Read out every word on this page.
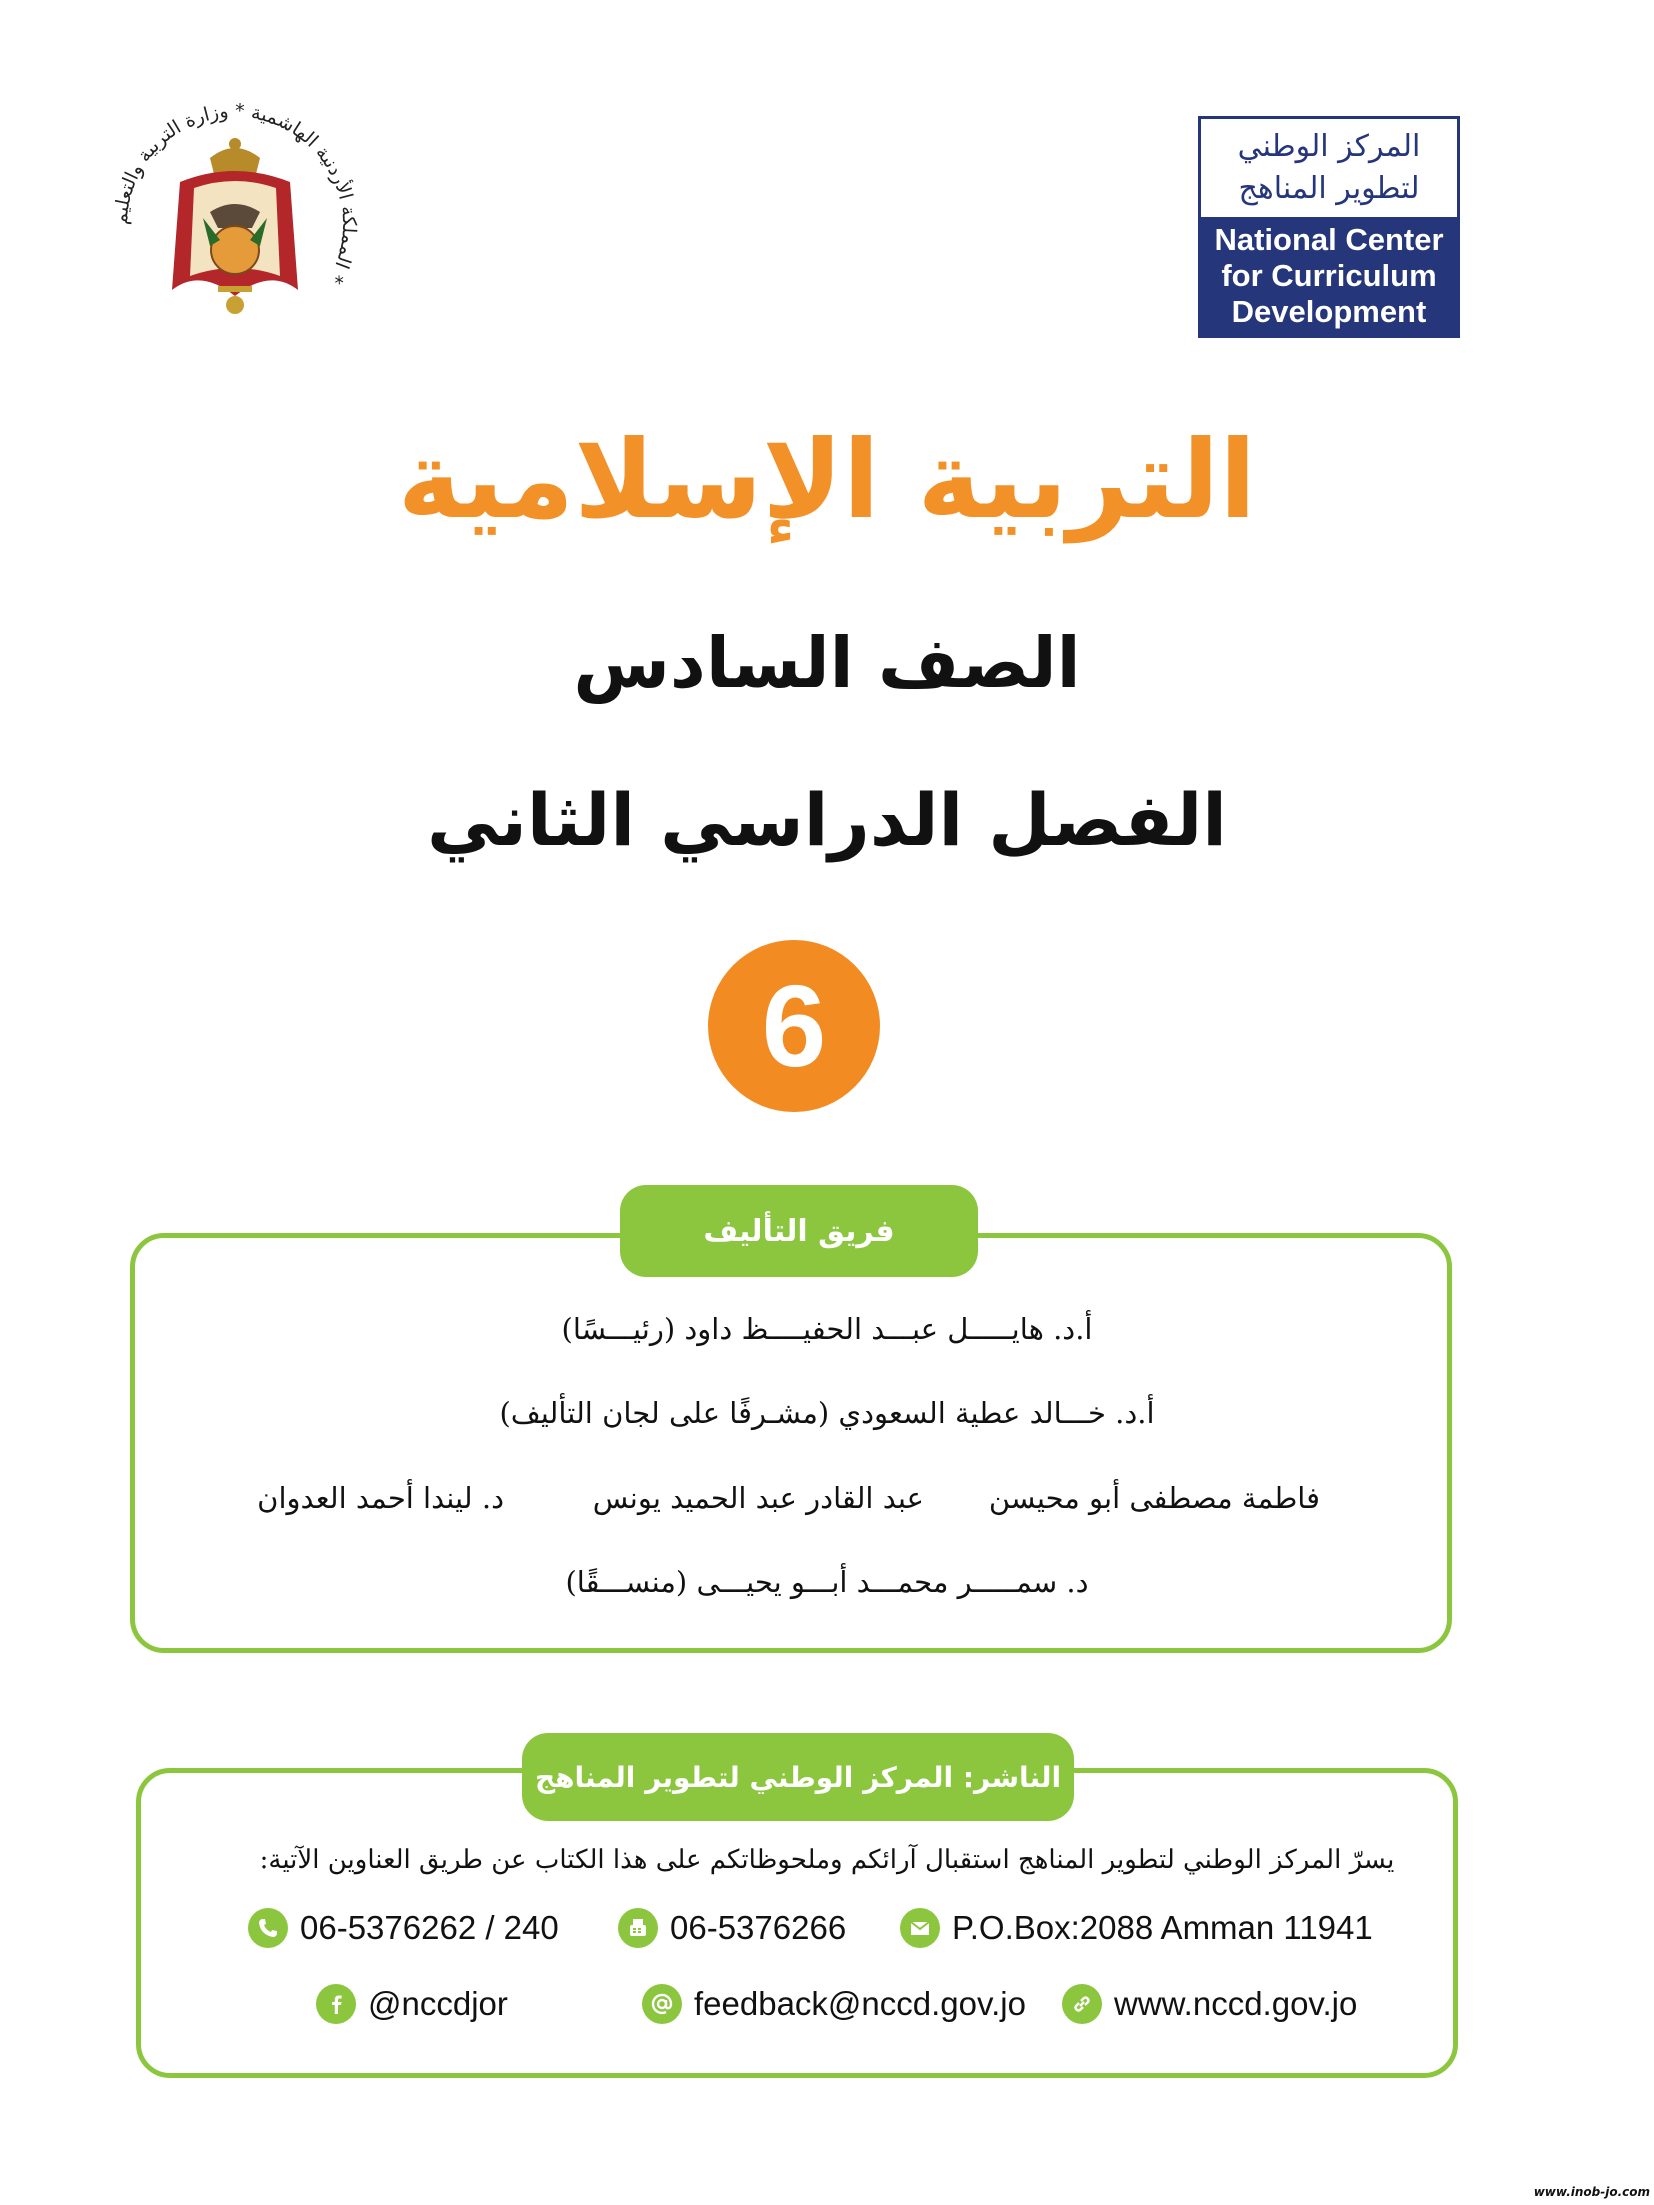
المملكة الأردنية الهاشمية * وزارة التربية والتعليم *
المركز الوطني
لتطوير المناهج
National Center
for Curriculum
Development
التربية الإسلامية
الصف السادس
الفصل الدراسي الثاني
6
فريق التأليف
أ.د. هايـــــل عبـــد الحفيــــظ داود (رئيـــسًا)
أ.د. خـــالد عطية السعودي (مشـرفًا على لجان التأليف)
فاطمة مصطفى أبو محيسن
عبد القادر عبد الحميد يونس
د. ليندا أحمد العدوان
د. سمـــــر محمـــد أبـــو يحيـــى (منســـقًا)
الناشر: المركز الوطني لتطوير المناهج
يسرّ المركز الوطني لتطوير المناهج استقبال آرائكم وملحوظاتكم على هذا الكتاب عن طريق العناوين الآتية:
06-5376262 / 240	06-5376266	P.O.Box:2088 Amman 11941
@nccdjor	feedback@nccd.gov.jo	www.nccd.gov.jo
www.inob-jo.com
